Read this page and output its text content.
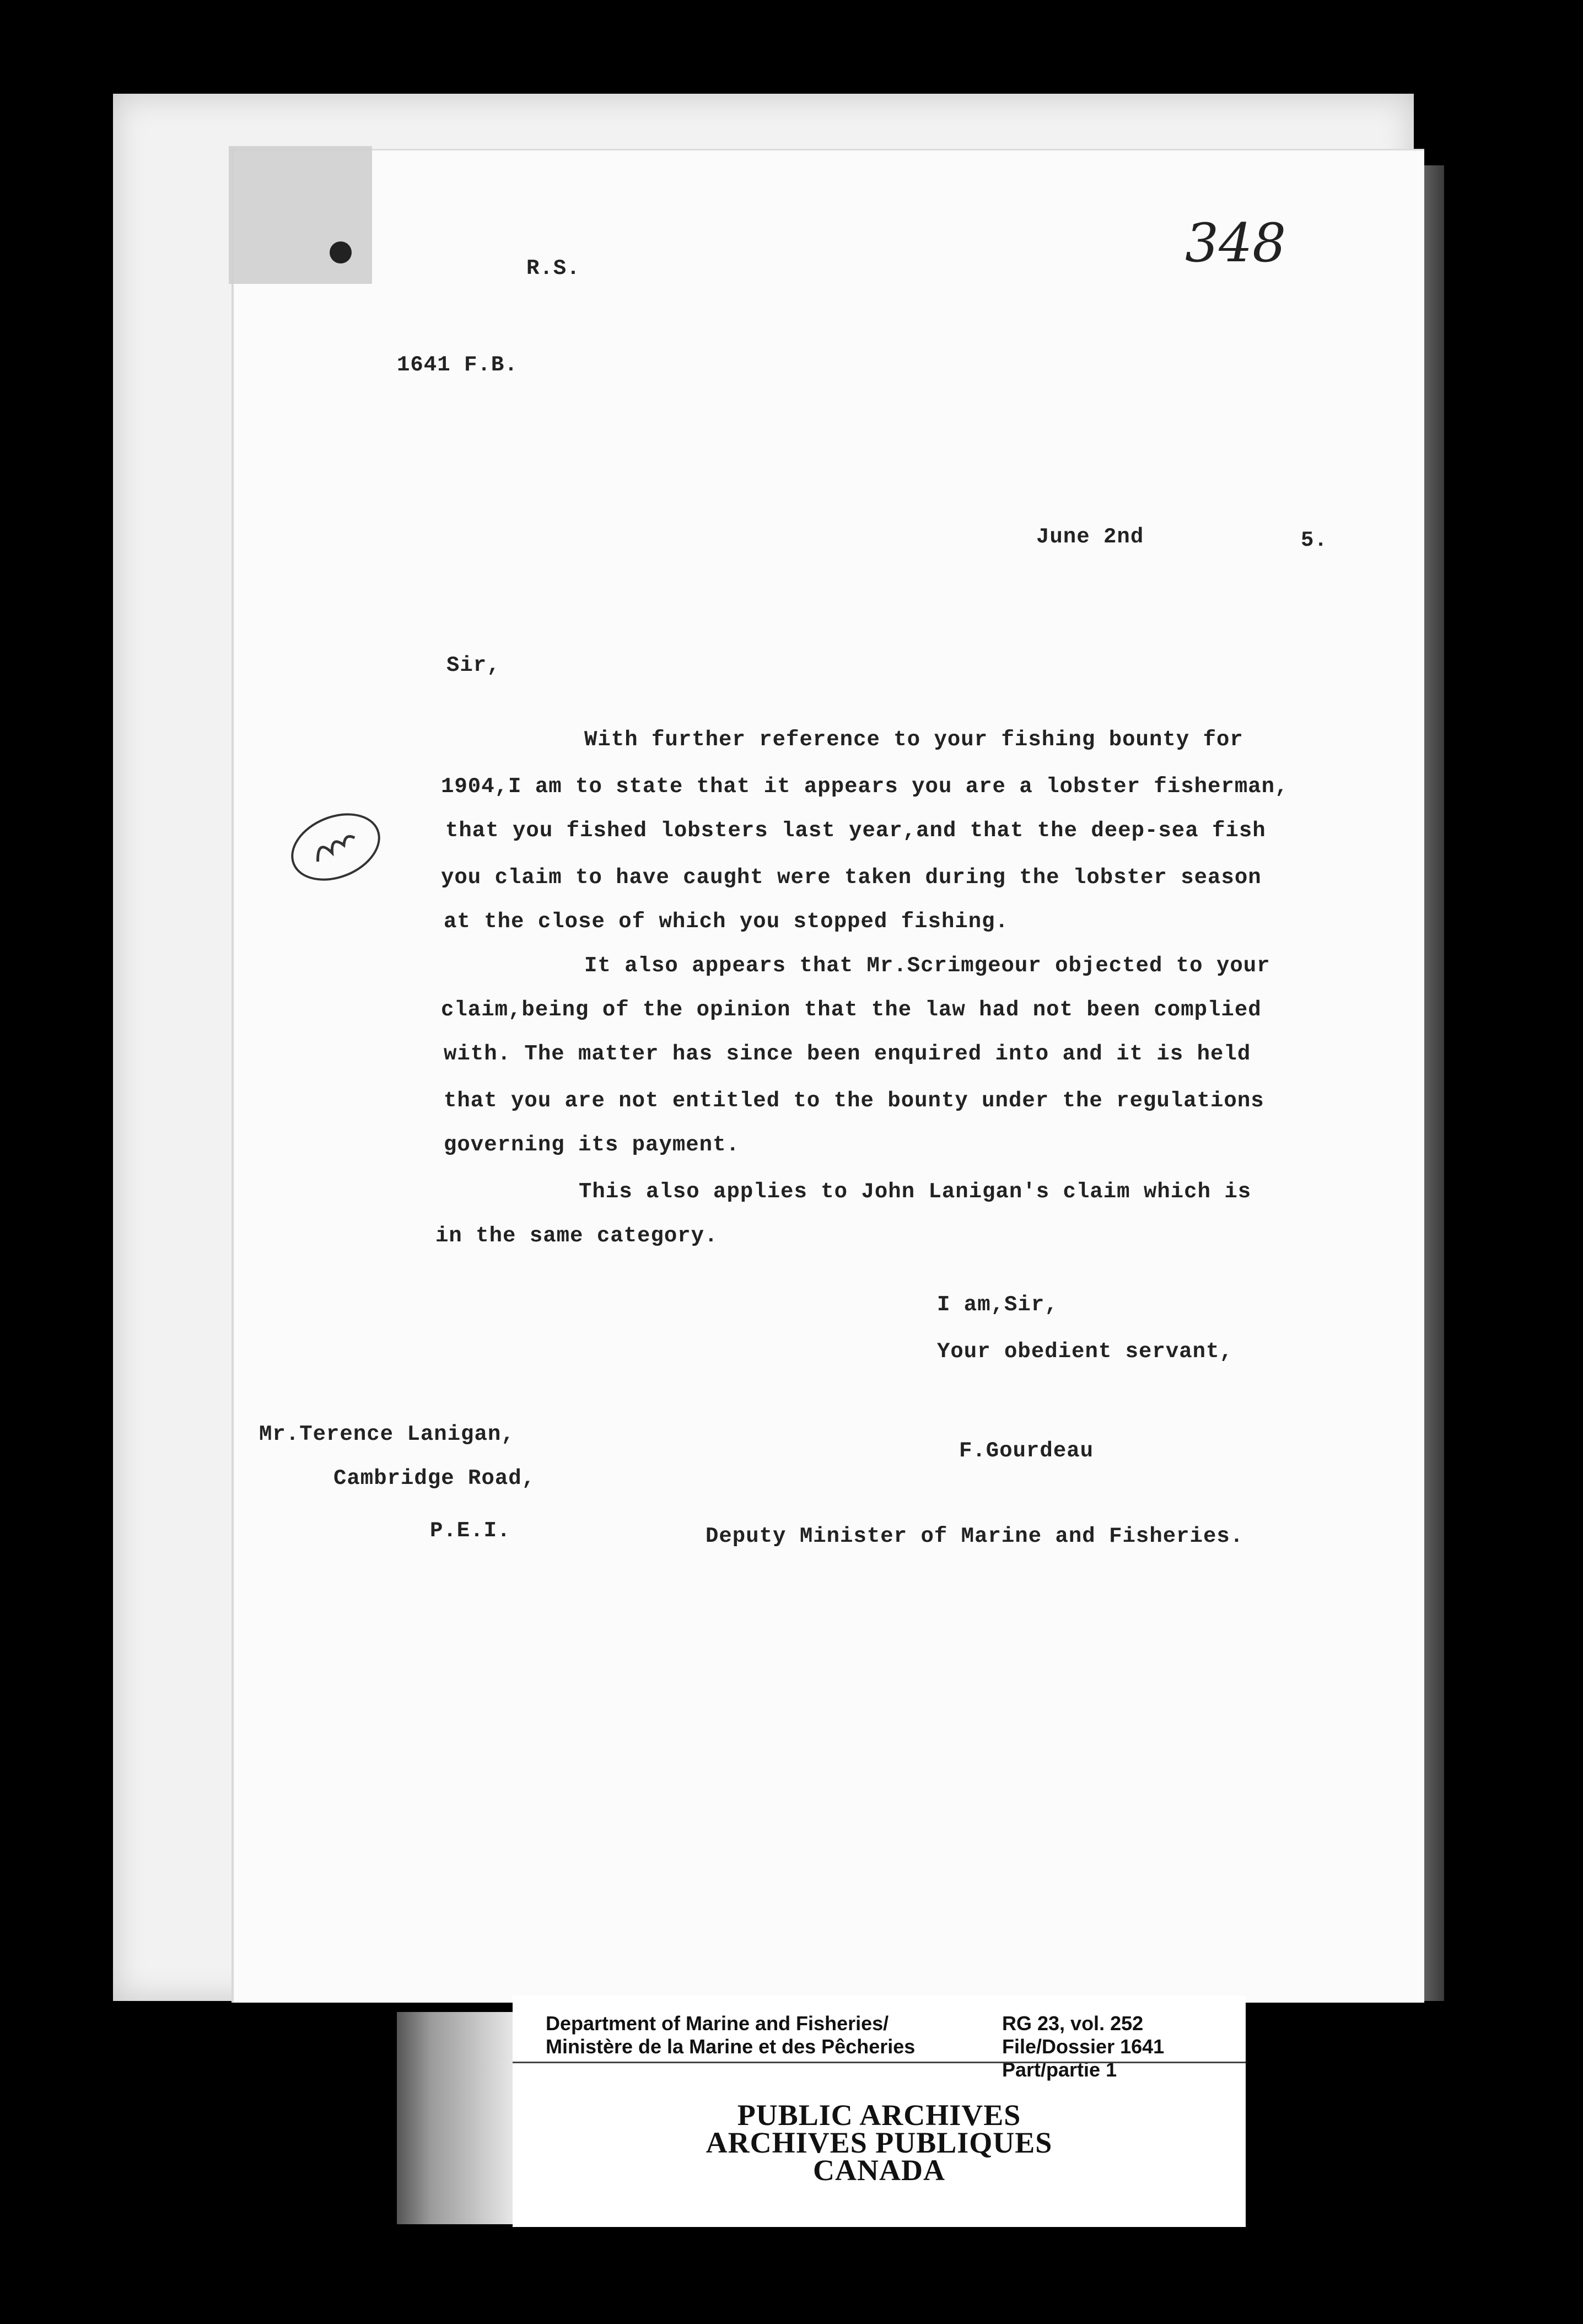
R.S.
1641 F.B.
348
June 2nd	5.
Sir,
With further reference to your fishing bounty for
1904,I am to state that it appears you are a lobster fisherman,
that you fished lobsters last year,and that the deep-sea fish
you claim to have caught were taken during the lobster season
at the close of which you stopped fishing.
It also appears that Mr.Scrimgeour objected to your
claim,being of the opinion that the law had not been complied
with. The matter has since been enquired into and it is held
that you are not entitled to the bounty under the regulations
governing its payment.
This also applies to John Lanigan's claim which is
in the same category.
I am,Sir,
Your obedient servant,
F.Gourdeau
Deputy Minister of Marine and Fisheries.
Mr.Terence Lanigan,
Cambridge Road,
P.E.I.
Department of Marine and Fisheries/
Ministère de la Marine et des Pêcheries
RG 23, vol. 252
File/Dossier 1641
Part/partie 1
PUBLIC ARCHIVES
ARCHIVES PUBLIQUES
CANADA
